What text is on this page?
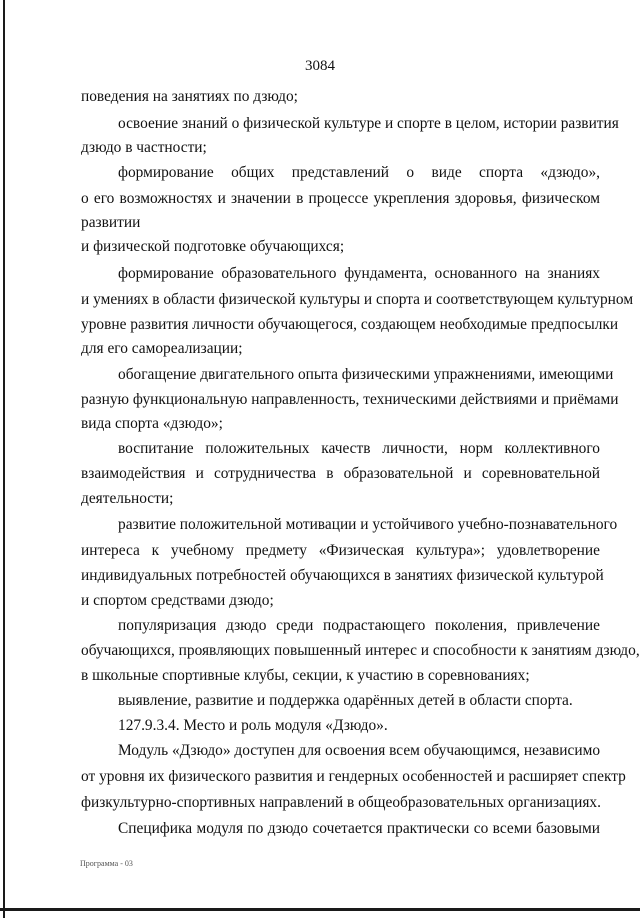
3084
поведения на занятиях по дзюдо;
освоение знаний о физической культуре и спорте в целом, истории развития
дзюдо в частности;
формирование общих представлений о виде спорта «дзюдо»,
о его возможностях и значении в процессе укрепления здоровья, физическом
развитии
и физической подготовке обучающихся;
формирование образовательного фундамента, основанного на знаниях
и умениях в области физической культуры и спорта и соответствующем культурном
уровне развития личности обучающегося, создающем необходимые предпосылки
для его самореализации;
обогащение двигательного опыта физическими упражнениями, имеющими
разную функциональную направленность, техническими действиями и приёмами
вида спорта «дзюдо»;
воспитание положительных качеств личности, норм коллективного
взаимодействия и сотрудничества в образовательной и соревновательной
деятельности;
развитие положительной мотивации и устойчивого учебно-познавательного
интереса к учебному предмету «Физическая культура»; удовлетворение
индивидуальных потребностей обучающихся в занятиях физической культурой
и спортом средствами дзюдо;
популяризация дзюдо среди подрастающего поколения, привлечение
обучающихся, проявляющих повышенный интерес и способности к занятиям дзюдо,
в школьные спортивные клубы, секции, к участию в соревнованиях;
выявление, развитие и поддержка одарённых детей в области спорта.
127.9.3.4. Место и роль модуля «Дзюдо».
Модуль «Дзюдо» доступен для освоения всем обучающимся, независимо
от уровня их физического развития и гендерных особенностей и расширяет спектр
физкультурно-спортивных направлений в общеобразовательных организациях.
Специфика модуля по дзюдо сочетается практически со всеми базовыми
Программа - 03
